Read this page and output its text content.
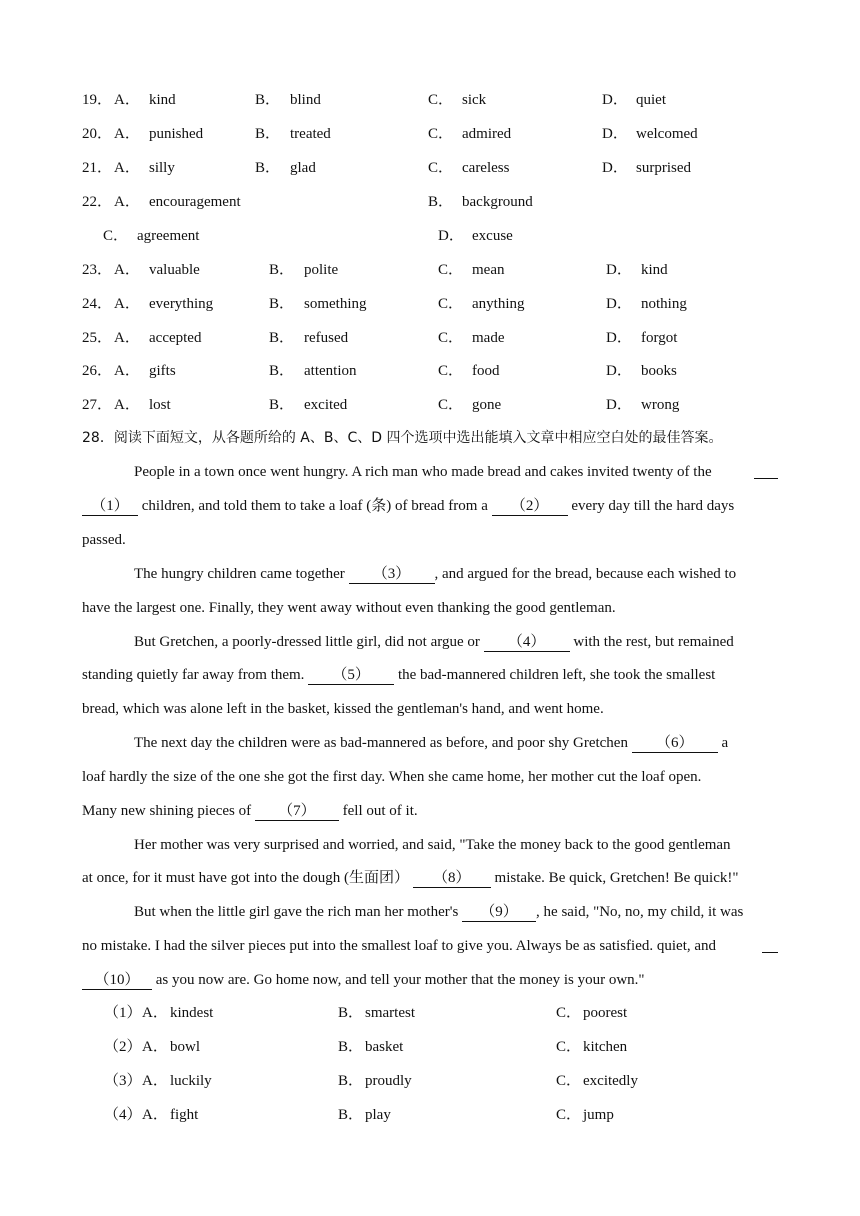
19． A． kind	B． blind	C． sick	D． quiet
20． A． punished	B． treated	C． admired	D． welcomed
21． A． silly	B． glad	C． careless	D． surprised
22． A． encouragement	B． background
C． agreement	D． excuse
23． A． valuable	B． polite	C． mean	D． kind
24． A． everything	B． something	C． anything	D． nothing
25． A． accepted	B． refused	C． made	D． forgot
26． A． gifts	B． attention	C． food	D． books
27． A． lost	B． excited	C． gone	D． wrong
28．阅读下面短文，从各题所给的 A、B、C、D 四个选项中选出能填入文章中相应空白处的最佳答案。
People in a town once went hungry. A rich man who made bread and cakes invited twenty of the
（1） children, and told them to take a loaf (条) of bread from a （2） every day till the hard days
passed.
The hungry children came together （3） , and argued for the bread, because each wished to
have the largest one. Finally, they went away without even thanking the good gentleman.
But Gretchen, a poorly-dressed little girl, did not argue or （4） with the rest, but remained
standing quietly far away from them. （5） the bad-mannered children left, she took the smallest
bread, which was alone left in the basket, kissed the gentleman's hand, and went home.
The next day the children were as bad-mannered as before, and poor shy Gretchen （6） a
loaf hardly the size of the one she got the first day. When she came home, her mother cut the loaf open.
Many new shining pieces of （7） fell out of it.
Her mother was very surprised and worried, and said, "Take the money back to the good gentleman
at once, for it must have got into the dough (生面团） （8） mistake. Be quick, Gretchen! Be quick!"
But when the little girl gave the rich man her mother's （9） , he said, "No, no, my child, it was
no mistake. I had the silver pieces put into the smallest loaf to give you. Always be as satisfied. quiet, and
（10） as you now are. Go home now, and tell your mother that the money is your own."
（1） A． kindest	B． smartest	C． poorest
（2） A． bowl	B． basket	C． kitchen
（3） A． luckily	B． proudly	C． excitedly
（4） A． fight	B． play	C． jump
